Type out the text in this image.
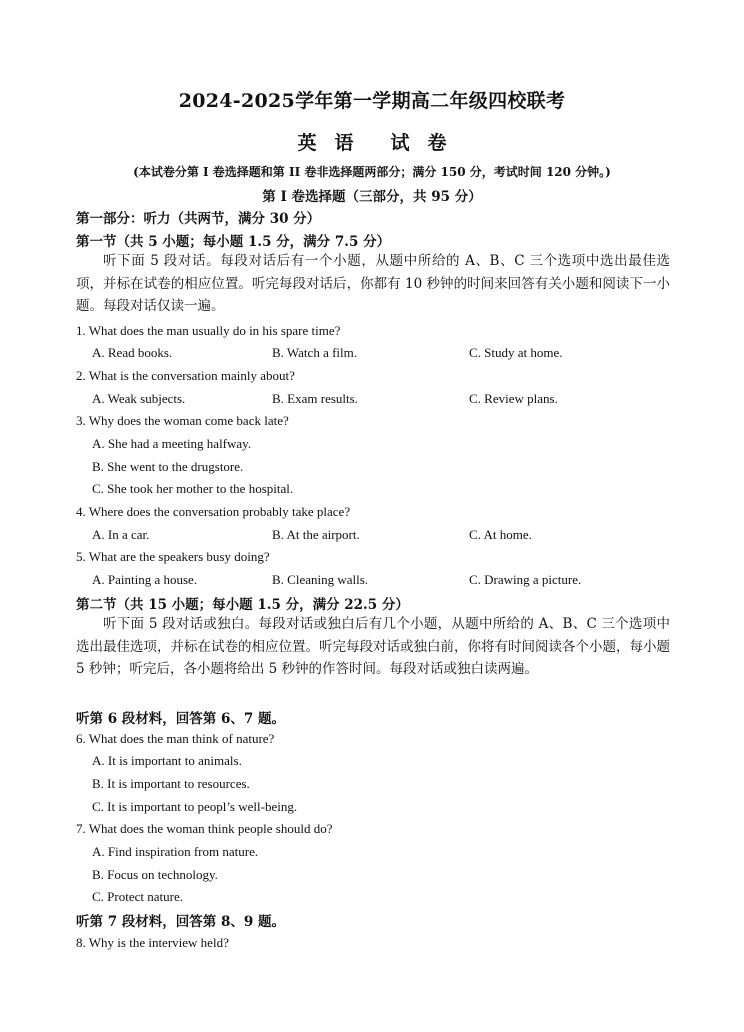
2024-2025学年第一学期高二年级四校联考
英 语 试 卷
(本试卷分第 I 卷选择题和第 II 卷非选择题两部分；满分 150 分，考试时间 120 分钟。)
第 I 卷选择题（三部分，共 95 分）
第一部分：听力（共两节，满分 30 分）
第一节（共 5 小题；每小题 1.5 分，满分 7.5 分）
听下面 5 段对话。每段对话后有一个小题，从题中所给的 A、B、C 三个选项中选出最佳选项，并标在试卷的相应位置。听完每段对话后，你都有 10 秒钟的时间来回答有关小题和阅读下一小题。每段对话仅读一遍。
1. What does the man usually do in his spare time?
A. Read books.	B. Watch a film.	C. Study at home.
2. What is the conversation mainly about?
A. Weak subjects.	B. Exam results.	C. Review plans.
3. Why does the woman come back late?
A. She had a meeting halfway.
B. She went to the drugstore.
C. She took her mother to the hospital.
4. Where does the conversation probably take place?
A. In a car.	B. At the airport.	C. At home.
5. What are the speakers busy doing?
A. Painting a house.	B. Cleaning walls.	C. Drawing a picture.
第二节（共 15 小题；每小题 1.5 分，满分 22.5 分）
听下面 5 段对话或独白。每段对话或独白后有几个小题，从题中所给的 A、B、C 三个选项中选出最佳选项，并标在试卷的相应位置。听完每段对话或独白前，你将有时间阅读各个小题，每小题 5 秒钟；听完后，各小题将给出 5 秒钟的作答时间。每段对话或独白读两遍。
听第 6 段材料，回答第 6、7 题。
6. What does the man think of nature?
A. It is important to animals.
B. It is important to resources.
C. It is important to peopl’s well-being.
7. What does the woman think people should do?
A. Find inspiration from nature.
B. Focus on technology.
C. Protect nature.
听第 7 段材料，回答第 8、9 题。
8. Why is the interview held?
